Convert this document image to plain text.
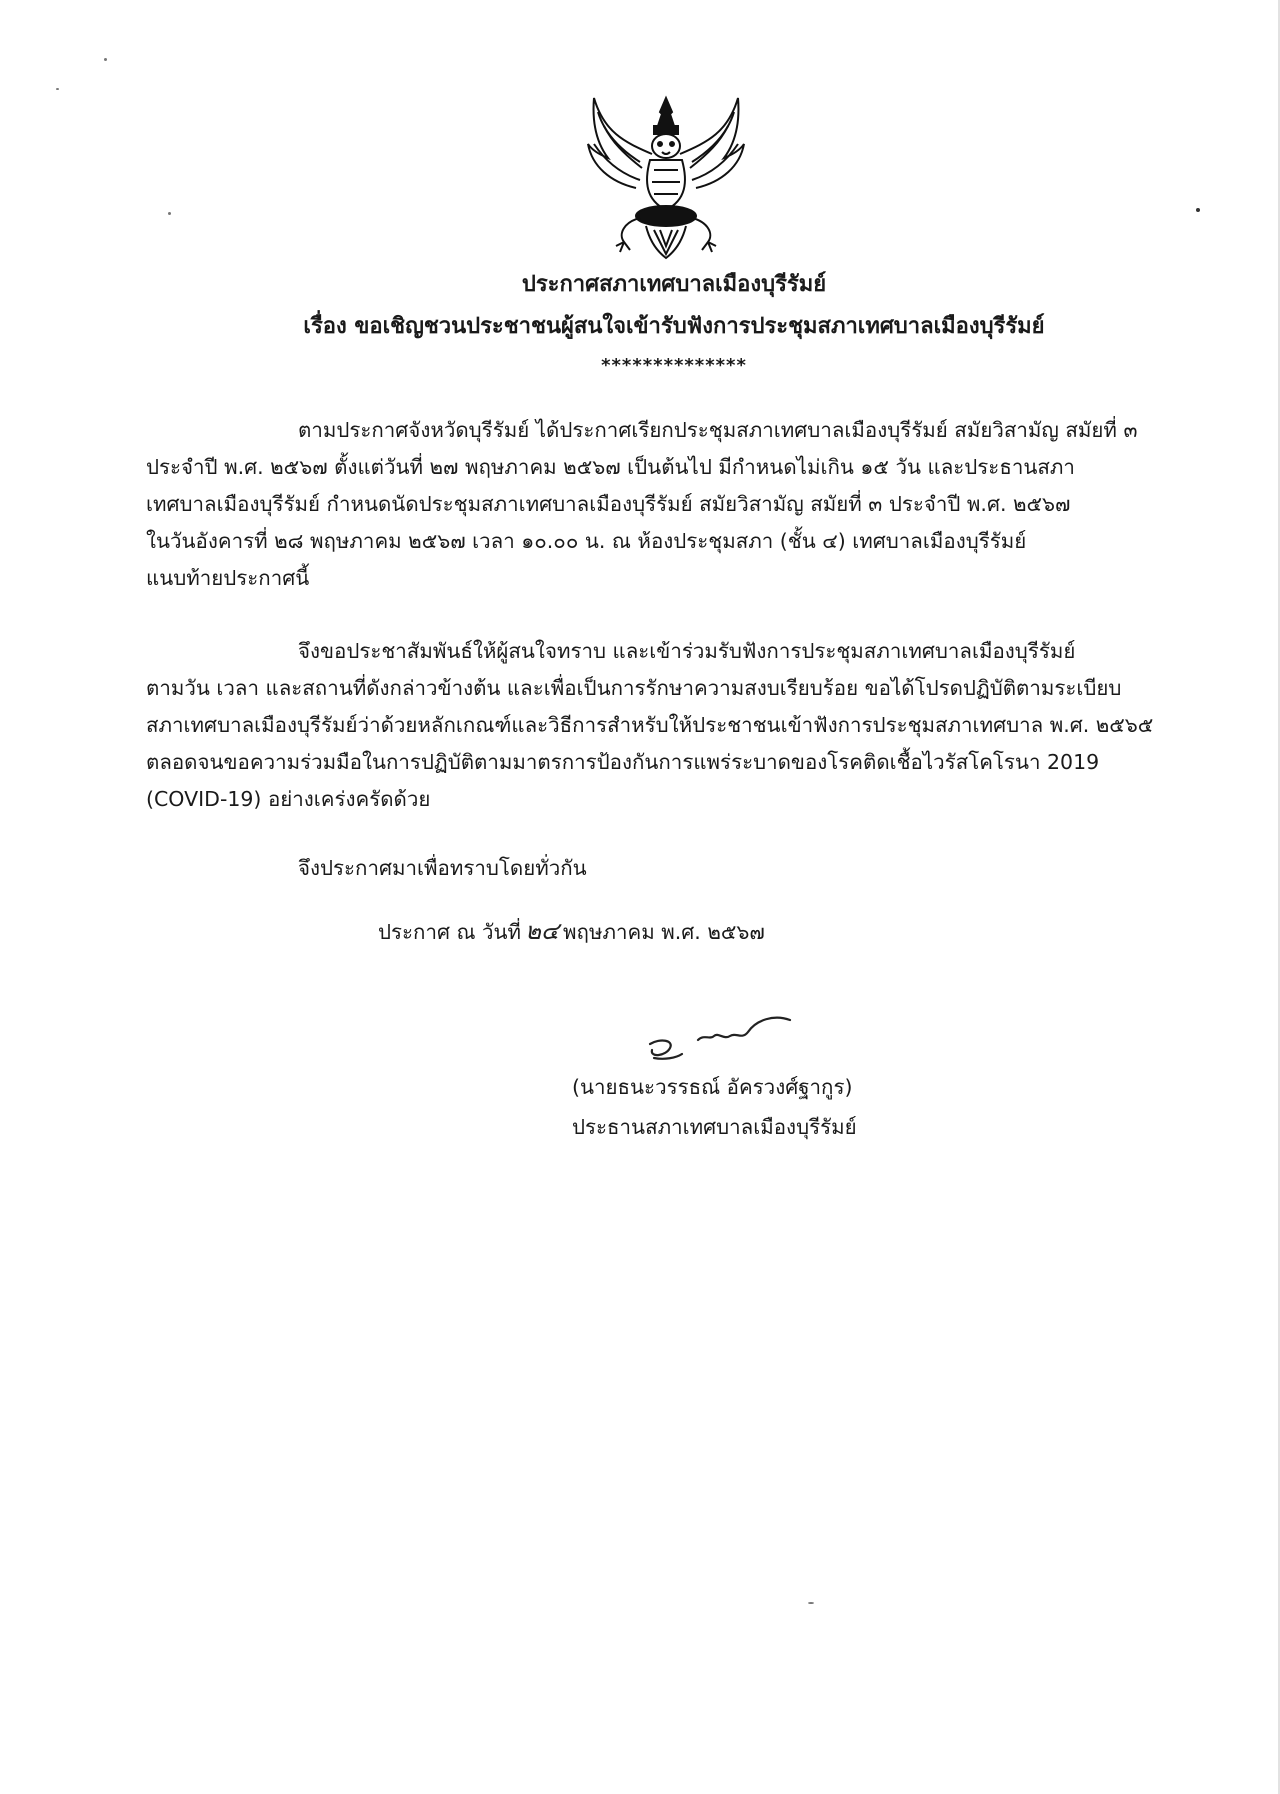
ประกาศสภาเทศบาลเมืองบุรีรัมย์
เรื่อง ขอเชิญชวนประชาชนผู้สนใจเข้ารับฟังการประชุมสภาเทศบาลเมืองบุรีรัมย์
**************
ตามประกาศจังหวัดบุรีรัมย์ ได้ประกาศเรียกประชุมสภาเทศบาลเมืองบุรีรัมย์ สมัยวิสามัญ สมัยที่ ๓
ประจำปี พ.ศ. ๒๕๖๗ ตั้งแต่วันที่ ๒๗ พฤษภาคม ๒๕๖๗ เป็นต้นไป มีกำหนดไม่เกิน ๑๕ วัน และประธานสภา
เทศบาลเมืองบุรีรัมย์ กำหนดนัดประชุมสภาเทศบาลเมืองบุรีรัมย์ สมัยวิสามัญ สมัยที่ ๓ ประจำปี พ.ศ. ๒๕๖๗
ในวันอังคารที่ ๒๘ พฤษภาคม ๒๕๖๗ เวลา ๑๐.๐๐ น. ณ ห้องประชุมสภา (ชั้น ๔) เทศบาลเมืองบุรีรัมย์
แนบท้ายประกาศนี้
จึงขอประชาสัมพันธ์ให้ผู้สนใจทราบ และเข้าร่วมรับฟังการประชุมสภาเทศบาลเมืองบุรีรัมย์
ตามวัน เวลา และสถานที่ดังกล่าวข้างต้น และเพื่อเป็นการรักษาความสงบเรียบร้อย ขอได้โปรดปฏิบัติตามระเบียบ
สภาเทศบาลเมืองบุรีรัมย์ว่าด้วยหลักเกณฑ์และวิธีการสำหรับให้ประชาชนเข้าฟังการประชุมสภาเทศบาล พ.ศ. ๒๕๖๕
ตลอดจนขอความร่วมมือในการปฏิบัติตามมาตรการป้องกันการแพร่ระบาดของโรคติดเชื้อไวรัสโคโรนา 2019
(COVID-19) อย่างเคร่งครัดด้วย
จึงประกาศมาเพื่อทราบโดยทั่วกัน
ประกาศ ณ วันที่ ๒๔ พฤษภาคม พ.ศ. ๒๕๖๗
(นายธนะวรรธณ์ อัครวงศ์ฐากูร)
ประธานสภาเทศบาลเมืองบุรีรัมย์
